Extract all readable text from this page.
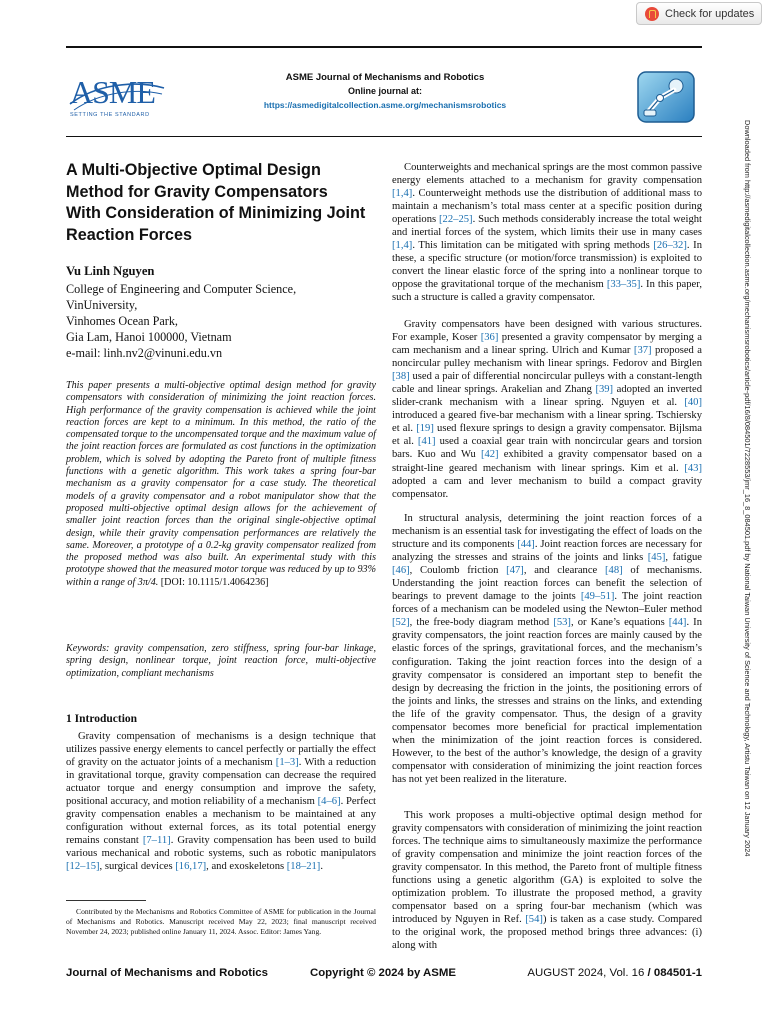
Check for updates
ASME
SETTING THE STANDARD
ASME Journal of Mechanisms and Robotics
Online journal at:
https://asmedigitalcollection.asme.org/mechanismsrobotics
Downloaded from http://asmedigitalcollection.asme.org/mechanismsrobotics/article-pdf/16/8/084501/7228553/jmr_16_8_084501.pdf by National Taiwan University of Science and Technology, Artistu Taiwan on 12 January 2024
A Multi-Objective Optimal Design Method for Gravity Compensators With Consideration of Minimizing Joint Reaction Forces
Vu Linh Nguyen
College of Engineering and Computer Science,
VinUniversity,
Vinhomes Ocean Park,
Gia Lam, Hanoi 100000, Vietnam
e-mail: linh.nv2@vinuni.edu.vn

This paper presents a multi-objective optimal design method for gravity compensators with consideration of minimizing the joint reaction forces. High performance of the gravity compensation is achieved while the joint reaction forces are kept to a minimum. In this method, the ratio of the compensated torque to the uncompensated torque and the maximum value of the joint reaction forces are formulated as cost functions in the optimization problem, which is solved by adopting the Pareto front of multiple fitness functions with a genetic algorithm. This work takes a spring four-bar mechanism as a gravity compensator for a case study. The theoretical models of a gravity compensator and a robot manipulator show that the proposed multi-objective optimal design allows for the achievement of smaller joint reaction forces than the original single-objective optimal design, while their gravity compensation performances are relatively the same. Moreover, a prototype of a 0.2-kg gravity compensator realized from the proposed method was also built. An experimental study with this prototype showed that the measured motor torque was reduced by up to 93% within a range of 3π/4. [DOI: 10.1115/1.4064236]

Keywords: gravity compensation, zero stiffness, spring four-bar linkage, spring design, nonlinear torque, joint reaction force, multi-objective optimization, compliant mechanisms

1 Introduction

Gravity compensation of mechanisms is a design technique that utilizes passive energy elements to cancel perfectly or partially the effect of gravity on the actuator joints of a mechanism [1–3]. With a reduction in gravitational torque, gravity compensation can decrease the required actuator torque and energy consumption and improve the safety, positional accuracy, and motion reliability of a mechanism [4–6]. Perfect gravity compensation enables a mechanism to be maintained at any configuration without external forces, as its total potential energy remains constant [7–11]. Gravity compensation has been used to build various mechanical and robotic systems, such as robotic manipulators [12–15], surgical devices [16,17], and exoskeletons [18–21].

Contributed by the Mechanisms and Robotics Committee of ASME for publication in the Journal of Mechanisms and Robotics. Manuscript received May 22, 2023; final manuscript received November 24, 2023; published online January 11, 2024. Assoc. Editor: James Yang.

Counterweights and mechanical springs are the most common passive energy elements attached to a mechanism for gravity compensation [1,4]. Counterweight methods use the distribution of additional mass to maintain a mechanism’s total mass center at a specific position during operations [22–25]. Such methods considerably increase the total weight and inertial forces of the system, which limits their use in many cases [1,4]. This limitation can be mitigated with spring methods [26–32]. In these, a specific structure (or motion/force transmission) is exploited to convert the linear elastic force of the spring into a nonlinear torque to oppose the gravitational torque of the mechanism [33–35]. In this paper, such a structure is called a gravity compensator.

Gravity compensators have been designed with various structures. For example, Koser [36] presented a gravity compensator by merging a cam mechanism and a linear spring. Ulrich and Kumar [37] proposed a noncircular pulley mechanism with linear springs. Fedorov and Birglen [38] used a pair of differential noncircular pulleys with a constant-length cable and linear springs. Arakelian and Zhang [39] adopted an inverted slider-crank mechanism with a linear spring. Nguyen et al. [40] introduced a geared five-bar mechanism with a linear spring. Tschiersky et al. [19] used flexure springs to design a gravity compensator. Bijlsma et al. [41] used a coaxial gear train with noncircular gears and torsion bars. Kuo and Wu [42] exhibited a gravity compensator based on a straight-line geared mechanism with linear springs. Kim et al. [43] adopted a cam and lever mechanism to build a compact gravity compensator.

In structural analysis, determining the joint reaction forces of a mechanism is an essential task for investigating the effect of loads on the structure and its components [44]. Joint reaction forces are necessary for analyzing the stresses and strains of the joints and links [45], fatigue [46], Coulomb friction [47], and clearance [48] of mechanisms. Understanding the joint reaction forces can benefit the selection of bearings to prevent damage to the joints [49–51]. The joint reaction forces of a mechanism can be modeled using the Newton–Euler method [52], the free-body diagram method [53], or Kane’s equations [44]. In gravity compensators, the joint reaction forces are mainly caused by the elastic forces of the springs, gravitational forces, and the mechanism’s configuration. Taking the joint reaction forces into the design of a gravity compensator is considered an important step to benefit the design by decreasing the friction in the joints, the positioning errors of the joints and links, the stresses and strains on the links, and extending the life of the gravity compensator. Thus, the design of a gravity compensator becomes more beneficial for practical implementation when the minimization of the joint reaction forces is considered. However, to the best of the author’s knowledge, the design of a gravity compensator with consideration of minimizing the joint reaction forces has not yet been realized in the literature.

This work proposes a multi-objective optimal design method for gravity compensators with consideration of minimizing the joint reaction forces. The technique aims to simultaneously maximize the performance of gravity compensation and minimize the joint reaction forces of the gravity compensator. In this method, the Pareto front of multiple fitness functions using a genetic algorithm (GA) is exploited to solve the optimization problem. To illustrate the proposed method, a gravity compensator based on a spring four-bar mechanism (which was introduced by Nguyen in Ref. [54]) is taken as a case study. Compared to the original work, the proposed method brings three advances: (i) along with

Journal of Mechanisms and Robotics	Copyright © 2024 by ASME	AUGUST 2024, Vol. 16 / 084501-1
